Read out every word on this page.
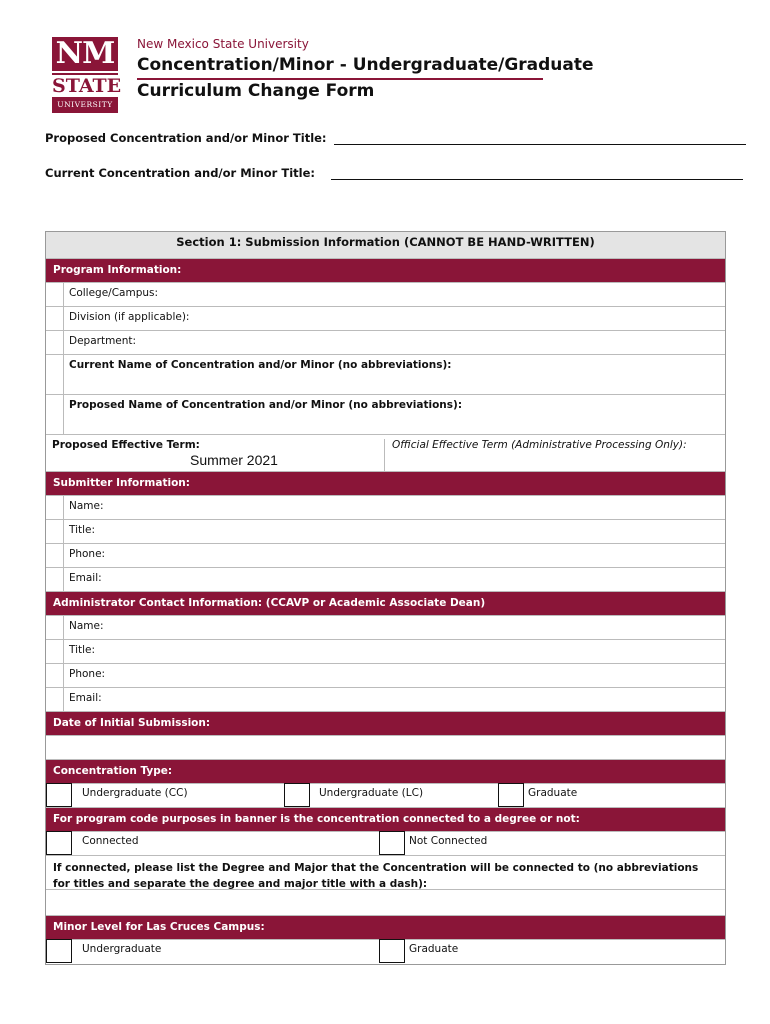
NM
STATE
UNIVERSITY
New Mexico State University
Concentration/Minor - Undergraduate/Graduate
Curriculum Change Form
Proposed Concentration and/or Minor Title:
Current Concentration and/or Minor Title:
Section 1: Submission Information (CANNOT BE HAND-WRITTEN)
Program Information:
College/Campus:
Division (if applicable):
Department:
Current Name of Concentration and/or Minor (no abbreviations):
Proposed Name of Concentration and/or Minor (no abbreviations):
Proposed Effective Term:
Summer 2021
Official Effective Term (Administrative Processing Only):
Submitter Information:
Name:
Title:
Phone:
Email:
Administrator Contact Information: (CCAVP or Academic Associate Dean)
Name:
Title:
Phone:
Email:
Date of Initial Submission:
Concentration Type:
Undergraduate (CC)	Undergraduate (LC)	Graduate
For program code purposes in banner is the concentration connected to a degree or not:
Connected	Not Connected
If connected, please list the Degree and Major that the Concentration will be connected to (no abbreviations for titles and separate the degree and major title with a dash):
Minor Level for Las Cruces Campus:
Undergraduate	Graduate
